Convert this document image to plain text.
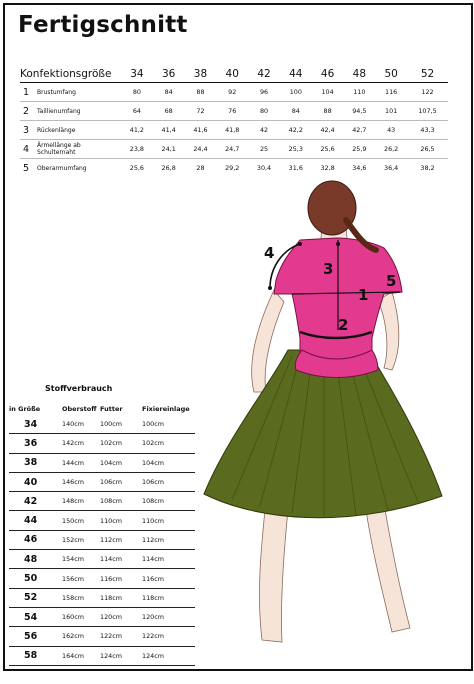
Fertigschnitt
Konfektionsgröße		34	36	38	40	42	44	46	48	50	52
1	Brustumfang	80	84	88	92	96	100	104	110	116	122
2	Taillienumfang	64	68	72	76	80	84	88	94,5	101	107,5
3	Rückenlänge	41,2	41,4	41,6	41,8	42	42,2	42,4	42,7	43	43,3
4	Ärmellänge ab Schulternaht	23,8	24,1	24,4	24,7	25	25,3	25,6	25,9	26,2	26,5
5	Oberarmumfang	25,6	26,8	28	29,2	30,4	31,6	32,8	34,6	36,4	38,2
Stoffverbrauch
in Größe	Oberstoff	Futter	Fixiereinlage
34	140cm	100cm	100cm
36	142cm	102cm	102cm
38	144cm	104cm	104cm
40	146cm	106cm	106cm
42	148cm	108cm	108cm
44	150cm	110cm	110cm
46	152cm	112cm	112cm
48	154cm	114cm	114cm
50	156cm	116cm	116cm
52	158cm	118cm	118cm
54	160cm	120cm	120cm
56	162cm	122cm	122cm
58	164cm	124cm	124cm
1
2
3
4
5
